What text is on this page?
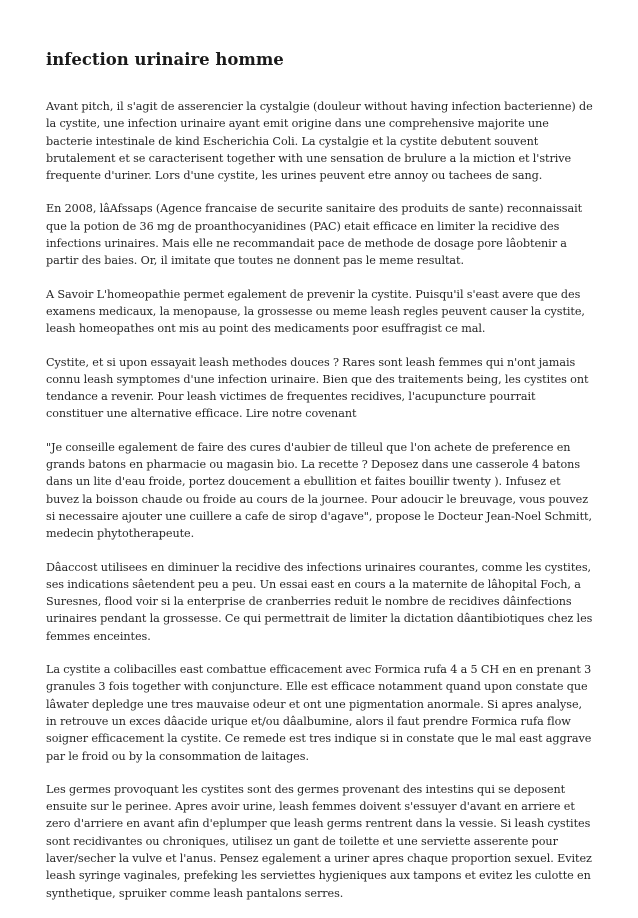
infection urinaire homme

Avant pitch, il s'agit de asserencier la cystalgie (douleur without having infection bacterienne) de la cystite, une infection urinaire ayant emit origine dans une comprehensive majorite une bacterie intestinale de kind Escherichia Coli. La cystalgie et la cystite debutent souvent brutalement et se caracterisent together with une sensation de brulure a la miction et l'strive frequente d'uriner. Lors d'une cystite, les urines peuvent etre annoy ou tachees de sang.

En 2008, lâAfssaps (Agence francaise de securite sanitaire des produits de sante) reconnaissait que la potion de 36 mg de proanthocyanidines (PAC) etait efficace en limiter la recidive des infections urinaires. Mais elle ne recommandait pace de methode de dosage pore lâobtenir a partir des baies. Or, il imitate que toutes ne donnent pas le meme resultat.

A Savoir L'homeopathie permet egalement de prevenir la cystite. Puisqu'il s'east avere que des examens medicaux, la menopause, la grossesse ou meme leash regles peuvent causer la cystite, leash homeopathes ont mis au point des medicaments poor esuffragist ce mal.

Cystite, et si upon essayait leash methodes douces ? Rares sont leash femmes qui n'ont jamais connu leash symptomes d'une infection urinaire. Bien que des traitements being, les cystites ont tendance a revenir. Pour leash victimes de frequentes recidives, l'acupuncture pourrait constituer une alternative efficace. Lire notre covenant

"Je conseille egalement de faire des cures d'aubier de tilleul que l'on achete de preference en grands batons en pharmacie ou magasin bio. La recette ? Deposez dans une casserole 4 batons dans un lite d'eau froide, portez doucement a ebullition et faites bouillir twenty ). Infusez et buvez la boisson chaude ou froide au cours de la journee. Pour adoucir le breuvage, vous pouvez si necessaire ajouter une cuillere a cafe de sirop d'agave", propose le Docteur Jean-Noel Schmitt, medecin phytotherapeute.

Dâaccost utilisees en diminuer la recidive des infections urinaires courantes, comme les cystites, ses indications sâetendent peu a peu. Un essai east en cours a la maternite de lâhopital Foch, a Suresnes, flood voir si la enterprise de cranberries reduit le nombre de recidives dâinfections urinaires pendant la grossesse. Ce qui permettrait de limiter la dictation dâantibiotiques chez les femmes enceintes.

La cystite a colibacilles east combattue efficacement avec Formica rufa 4 a 5 CH en en prenant 3 granules 3 fois together with conjuncture. Elle est efficace notamment quand upon constate que lâwater depledge une tres mauvaise odeur et ont une pigmentation anormale. Si apres analyse, in retrouve un exces dâacide urique et/ou dâalbumine, alors il faut prendre Formica rufa flow soigner efficacement la cystite. Ce remede est tres indique si in constate que le mal east aggrave par le froid ou by la consommation de laitages.

Les germes provoquant les cystites sont des germes provenant des intestins qui se deposent ensuite sur le perinee. Apres avoir urine, leash femmes doivent s'essuyer d'avant en arriere et zero d'arriere en avant afin d'eplumper que leash germs rentrent dans la vessie. Si leash cystites sont recidivantes ou chroniques, utilisez un gant de toilette et une serviette asserente pour laver/secher la vulve et l'anus. Pensez egalement a uriner apres chaque proportion sexuel. Evitez leash syringe vaginales, prefeking les serviettes hygieniques aux tampons et evitez les culotte en synthetique, spruiker comme leash pantalons serres.
